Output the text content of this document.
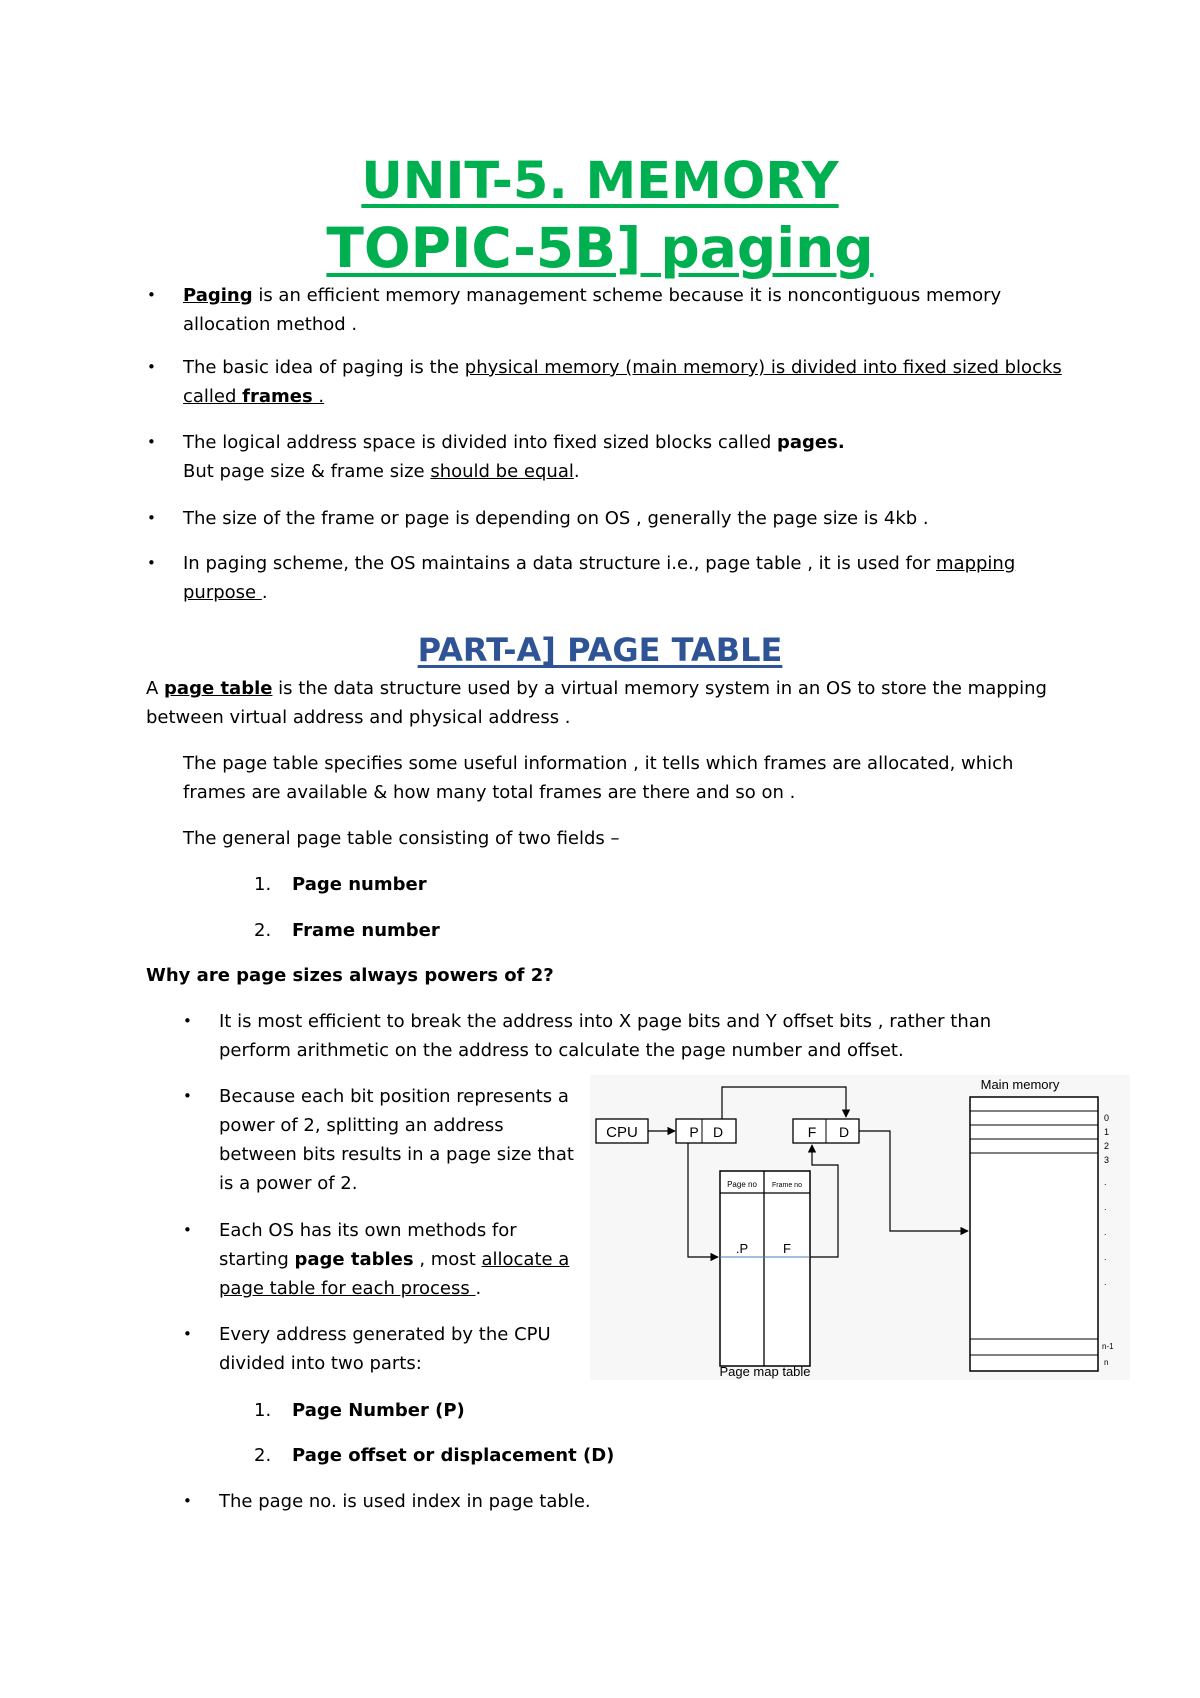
UNIT-5. MEMORY
TOPIC-5B] paging
• Paging is an efficient memory management scheme because it is noncontiguous memory

allocation method .

• The basic idea of paging is the physical memory (main memory) is divided into fixed sized blocks

called frames .

• The logical address space is divided into fixed sized blocks called pages.

But page size & frame size should be equal.

• The size of the frame or page is depending on OS , generally the page size is 4kb .

• In paging scheme, the OS maintains a data structure i.e., page table , it is used for mapping

purpose .

PART-A] PAGE TABLE

A page table is the data structure used by a virtual memory system in an OS to store the mapping

between virtual address and physical address .

The page table specifies some useful information , it tells which frames are allocated, which

frames are available & how many total frames are there and so on .

The general page table consisting of two fields –

1. Page number

2. Frame number

Why are page sizes always powers of 2?

• It is most efficient to break the address into X page bits and Y offset bits , rather than

perform arithmetic on the address to calculate the page number and offset.

• Because each bit position represents a

power of 2, splitting an address

between bits results in a page size that

is a power of 2.

• Each OS has its own methods for

starting page tables , most allocate a

page table for each process .

• Every address generated by the CPU

divided into two parts:

1. Page Number (P)

2. Page offset or displacement (D)

• The page no. is used index in page table.

CPU	P D	F D
Page no Frame no
.P	F
Page map table
Main memory
0
1
2
3
.
.
.
.
.
n-1
n
